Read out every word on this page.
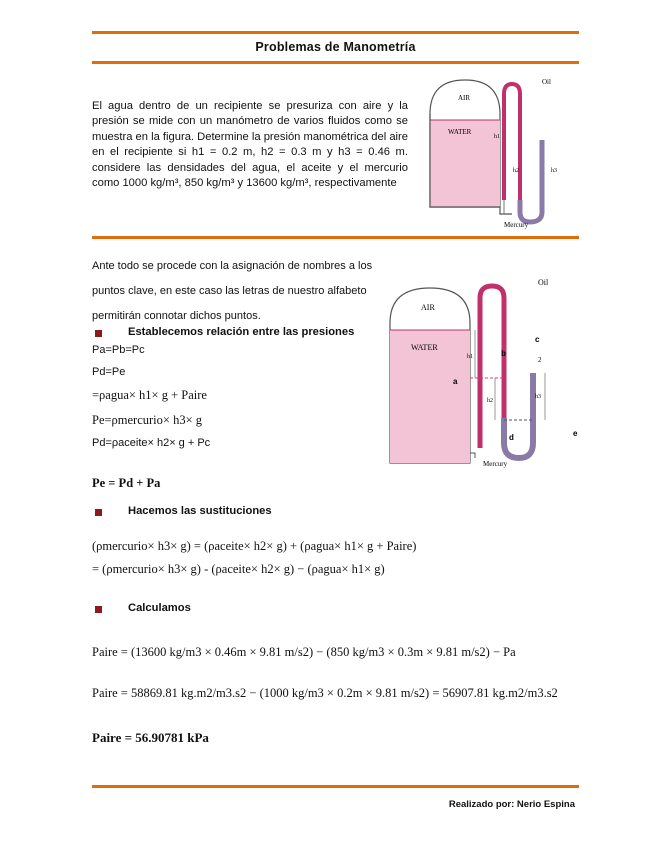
Problemas de Manometría
El agua dentro de un recipiente se presuriza con aire y la presión se mide con un manómetro de varios fluidos como se muestra en la figura. Determine la presión manométrica del aire en el recipiente si h1 = 0.2 m, h2 = 0.3 m y h3 = 0.46 m. considere las densidades del agua, el aceite y el mercurio como 1000 kg/m³, 850 kg/m³ y 13600 kg/m³, respectivamente
AIR
WATER
Oil
Mercury
h1
h2	h3
Ante todo se procede con la asignación de nombres a los puntos clave, en este caso las letras de nuestro alfabeto permitirán connotar dichos puntos.
AIR
WATER
Oil
Mercury
h1
h2
h3
2
a
b
c
d	e
Establecemos relación entre las presiones
Pa=Pb=Pc
Pd=Pe
=ρagua× h1× g + Paire
Pe=ρmercurio× h3× g
Pd=ρaceite× h2× g + Pc
Pe = Pd + Pa
Hacemos las sustituciones
(ρmercurio× h3× g) = (ρaceite× h2× g) + (ρagua× h1× g + Paire)
= (ρmercurio× h3× g) - (ρaceite× h2× g) − (ρagua× h1× g)
Calculamos
Paire = (13600 kg/m3 × 0.46m × 9.81 m/s2) − (850 kg/m3 × 0.3m × 9.81 m/s2) − Pa
Paire = 58869.81 kg.m2/m3.s2 − (1000 kg/m3 × 0.2m × 9.81 m/s2) = 56907.81 kg.m2/m3.s2
Paire = 56.90781 kPa
Realizado por: Nerio Espina
